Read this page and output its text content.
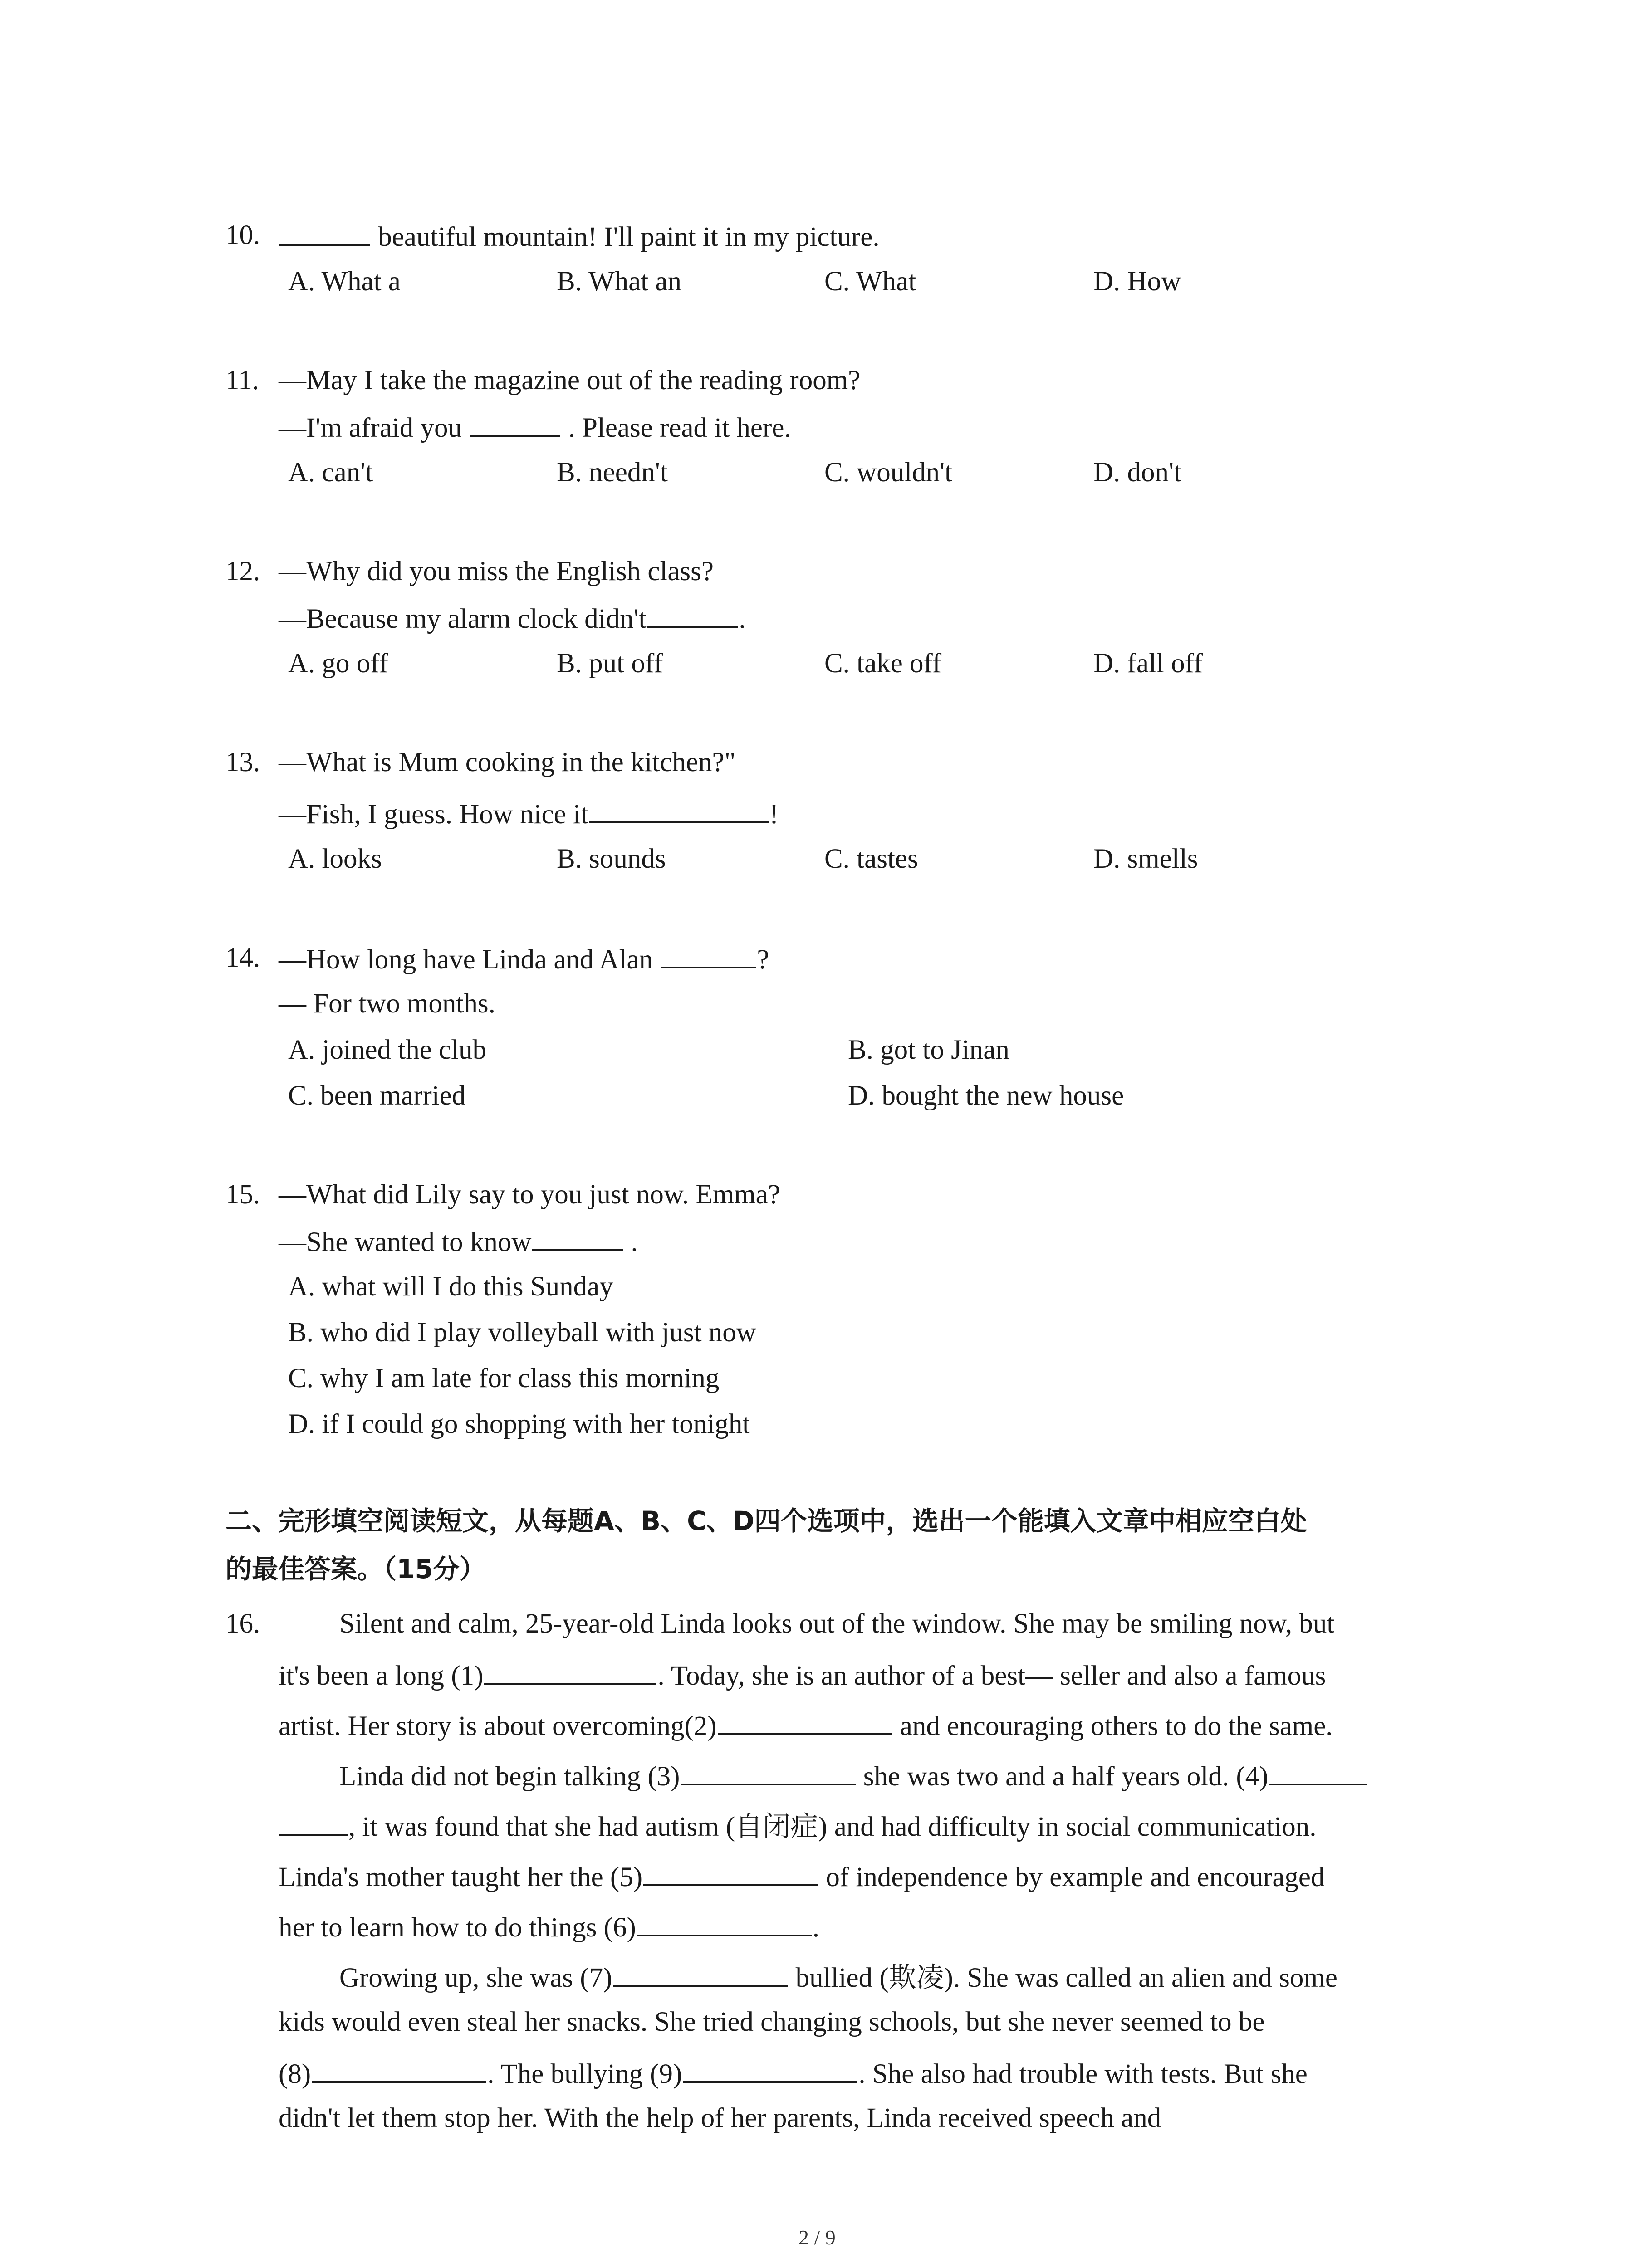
10.	beautiful mountain! I'll paint it in my picture.
A. What a	B. What an	C. What	D. How
11. —May I take the magazine out of the reading room?
—I'm afraid you	. Please read it here.
A. can't	B. needn't	C. wouldn't	D. don't
12. —Why did you miss the English class?
—Because my alarm clock didn't	.
A. go off	B. put off	C. take off	D. fall off
13. —What is Mum cooking in the kitchen?"
—Fish, I guess. How nice it	!
A. looks	B. sounds	C. tastes	D. smells
14. —How long have Linda and Alan	?
— For two months.
A. joined the club	B. got to Jinan
C. been married	D. bought the new house
15. —What did Lily say to you just now. Emma?
—She wanted to know	.
A. what will I do this Sunday
B. who did I play volleyball with just now
C. why I am late for class this morning
D. if I could go shopping with her tonight
二、完形填空阅读短文，从每题A、B、C、D四个选项中，选出一个能填入文章中相应空白处
的最佳答案。（15分）
16.	Silent and calm, 25-year-old Linda looks out of the window. She may be smiling now, but
it's been a long (1)	. Today, she is an author of a best— seller and also a famous
artist. Her story is about overcoming(2)	and encouraging others to do the same.
Linda did not begin talking (3)	she was two and a half years old. (4)
, it was found that she had autism (自闭症) and had difficulty in social communication.
Linda's mother taught her the (5)	of independence by example and encouraged
her to learn how to do things (6)	.
Growing up, she was (7)	bullied (欺凌). She was called an alien and some
kids would even steal her snacks. She tried changing schools, but she never seemed to be
(8)	. The bullying (9)	. She also had trouble with tests. But she
didn't let them stop her. With the help of her parents, Linda received speech and
2 / 9
